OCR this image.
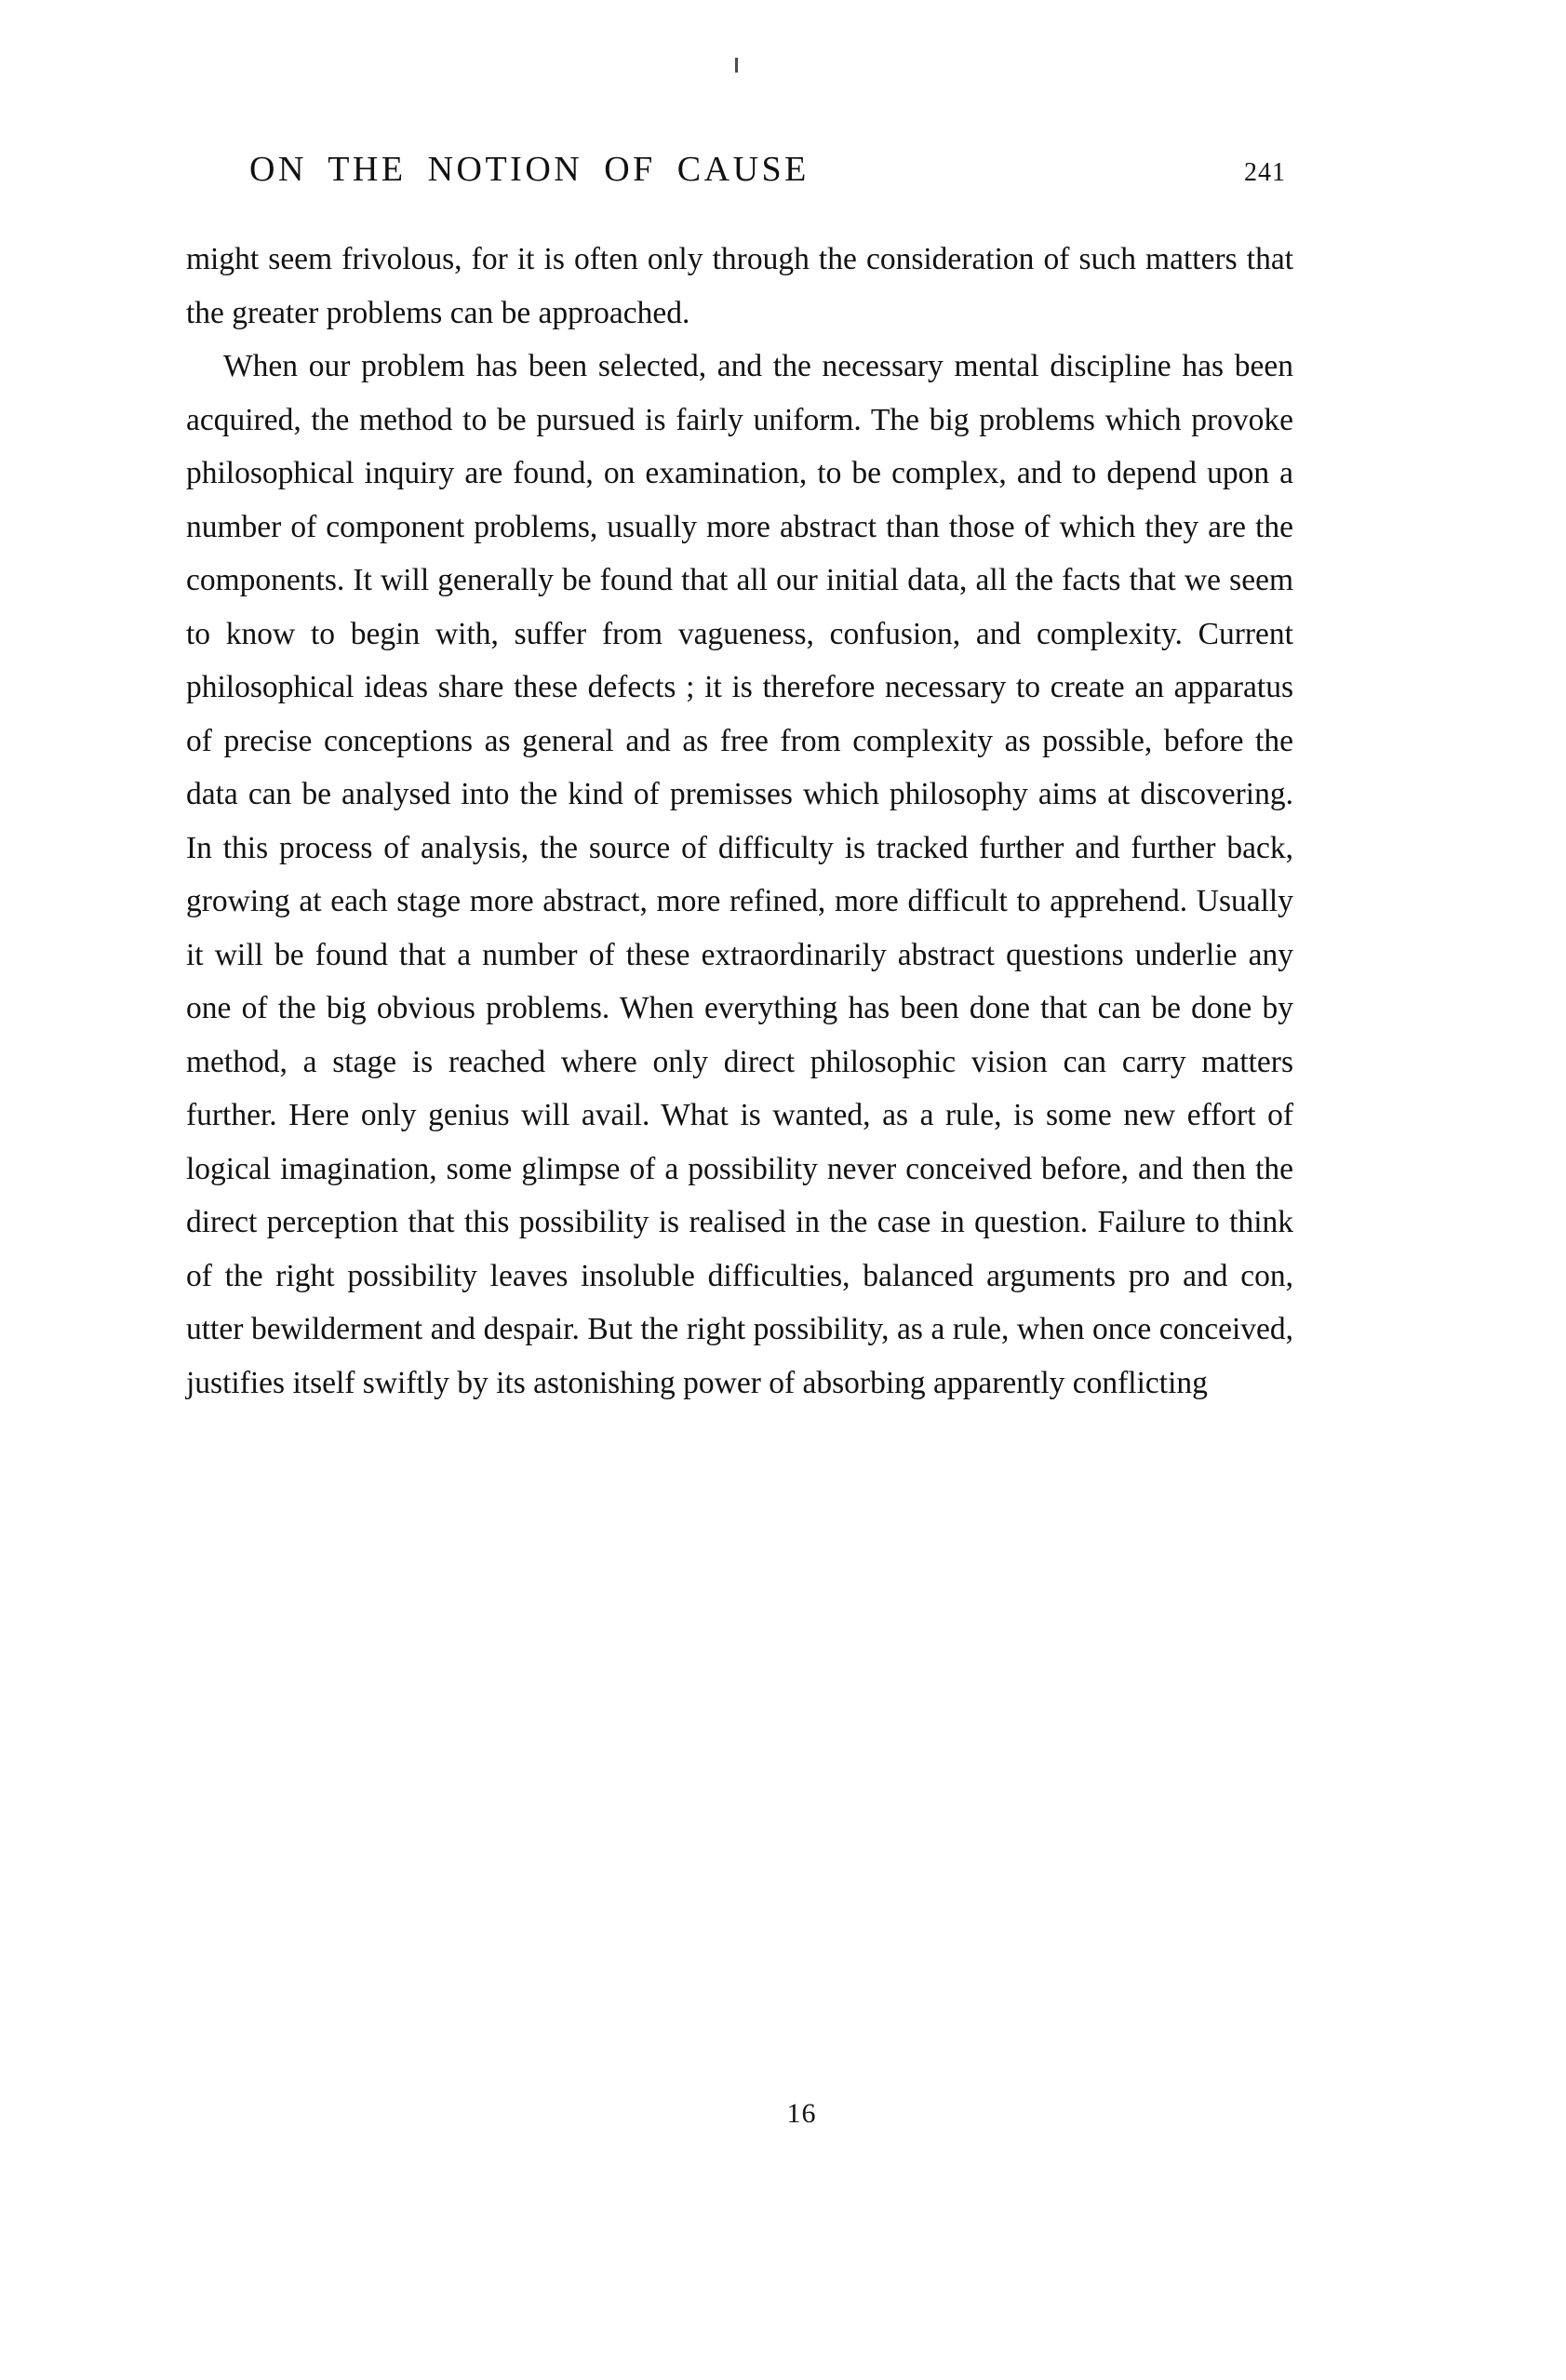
ON THE NOTION OF CAUSE	241

might seem frivolous, for it is often only through the consideration of such matters that the greater problems can be approached.

When our problem has been selected, and the necessary mental discipline has been acquired, the method to be pursued is fairly uniform. The big problems which provoke philosophical inquiry are found, on examination, to be complex, and to depend upon a number of component problems, usually more abstract than those of which they are the components. It will generally be found that all our initial data, all the facts that we seem to know to begin with, suffer from vagueness, confusion, and complexity. Current philosophical ideas share these defects ; it is therefore necessary to create an apparatus of precise conceptions as general and as free from complexity as possible, before the data can be analysed into the kind of premisses which philosophy aims at discovering. In this process of analysis, the source of difficulty is tracked further and further back, growing at each stage more abstract, more refined, more difficult to apprehend. Usually it will be found that a number of these extraordinarily abstract questions underlie any one of the big obvious problems. When everything has been done that can be done by method, a stage is reached where only direct philosophic vision can carry matters further. Here only genius will avail. What is wanted, as a rule, is some new effort of logical imagination, some glimpse of a possibility never conceived before, and then the direct perception that this possibility is realised in the case in question. Failure to think of the right possibility leaves insoluble difficulties, balanced arguments pro and con, utter bewilderment and despair. But the right possibility, as a rule, when once conceived, justifies itself swiftly by its astonishing power of absorbing apparently conflicting

16
